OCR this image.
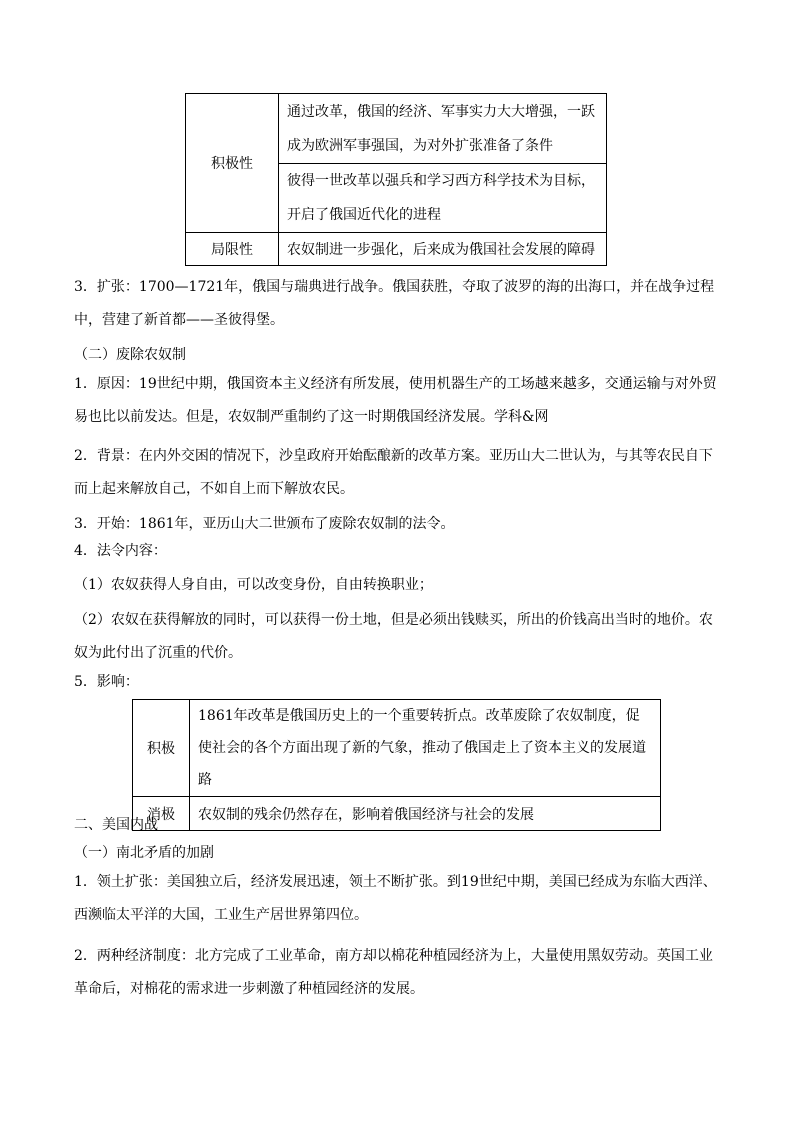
积极性	通过改革，俄国的经济、军事实力大大增强，一跃成为欧洲军事强国，为对外扩张准备了条件

	彼得一世改革以强兵和学习西方科学技术为目标，开启了俄国近代化的进程

局限性	农奴制进一步强化，后来成为俄国社会发展的障碍

3．扩张：1700—1721年，俄国与瑞典进行战争。俄国获胜，夺取了波罗的海的出海口，并在战争过程中，营建了新首都——圣彼得堡。

（二）废除农奴制

1．原因：19世纪中期，俄国资本主义经济有所发展，使用机器生产的工场越来越多，交通运输与对外贸易也比以前发达。但是，农奴制严重制约了这一时期俄国经济发展。学科&网

2．背景：在内外交困的情况下，沙皇政府开始酝酿新的改革方案。亚历山大二世认为，与其等农民自下而上起来解放自己，不如自上而下解放农民。

3．开始：1861年，亚历山大二世颁布了废除农奴制的法令。

4．法令内容：

（1）农奴获得人身自由，可以改变身份，自由转换职业；

（2）农奴在获得解放的同时，可以获得一份土地，但是必须出钱赎买，所出的价钱高出当时的地价。农奴为此付出了沉重的代价。

5．影响：

积极	1861年改革是俄国历史上的一个重要转折点。改革废除了农奴制度，促使社会的各个方面出现了新的气象，推动了俄国走上了资本主义的发展道路

消极	农奴制的残余仍然存在，影响着俄国经济与社会的发展

二、美国内战

（一）南北矛盾的加剧

1．领土扩张：美国独立后，经济发展迅速，领土不断扩张。到19世纪中期，美国已经成为东临大西洋、西濒临太平洋的大国，工业生产居世界第四位。

2．两种经济制度：北方完成了工业革命，南方却以棉花种植园经济为上，大量使用黑奴劳动。英国工业革命后，对棉花的需求进一步刺激了种植园经济的发展。
